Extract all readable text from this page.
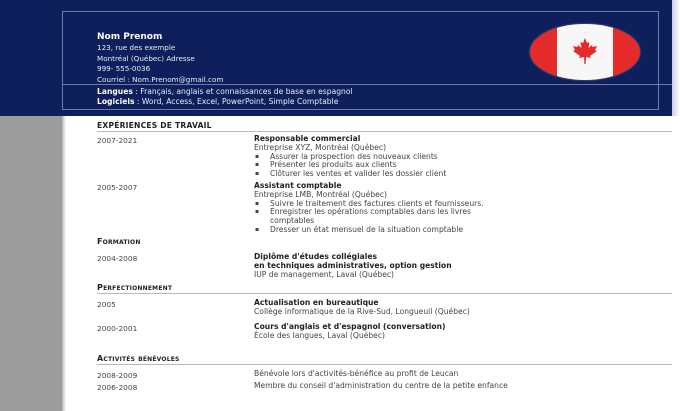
Nom Prenom
123, rue des exemple
Montréal (Québec) Adresse
999- 555-0036
Courriel : Nom.Prenom@gmail.com
Langues : Français, anglais et connaissances de base en espagnol
Logiciels : Word, Access, Excel, PowerPoint, Simple Comptable
EXPÉRIENCES DE TRAVAIL
2007-2021	Responsable commercial
Entreprise XYZ, Montréal (Québec)
▪ Assurer la prospection des nouveaux clients
▪ Présenter les produits aux clients
▪ Clôturer les ventes et valider les dossier client
2005-2007	Assistant comptable
Entreprise LMB, Montréal (Québec)
▪ Suivre le traitement des factures clients et fournisseurs.
▪ Enregistrer les opérations comptables dans les livres
comptables
▪ Dresser un état mensuel de la situation comptable
Formation
2004-2008	Diplôme d'études collégiales
en techniques administratives, option gestion
IUP de management, Laval (Québec)
Perfectionnement
2005	Actualisation en bureautique
Collège informatique de la Rive-Sud, Longueuil (Québec)
2000-2001	Cours d'anglais et d'espagnol (conversation)
École des langues, Laval (Québec)
Activités bénévoles
2008-2009	Bénévole lors d'activités-bénéfice au profit de Leucan
2006-2008	Membre du conseil d'administration du centre de la petite enfance
